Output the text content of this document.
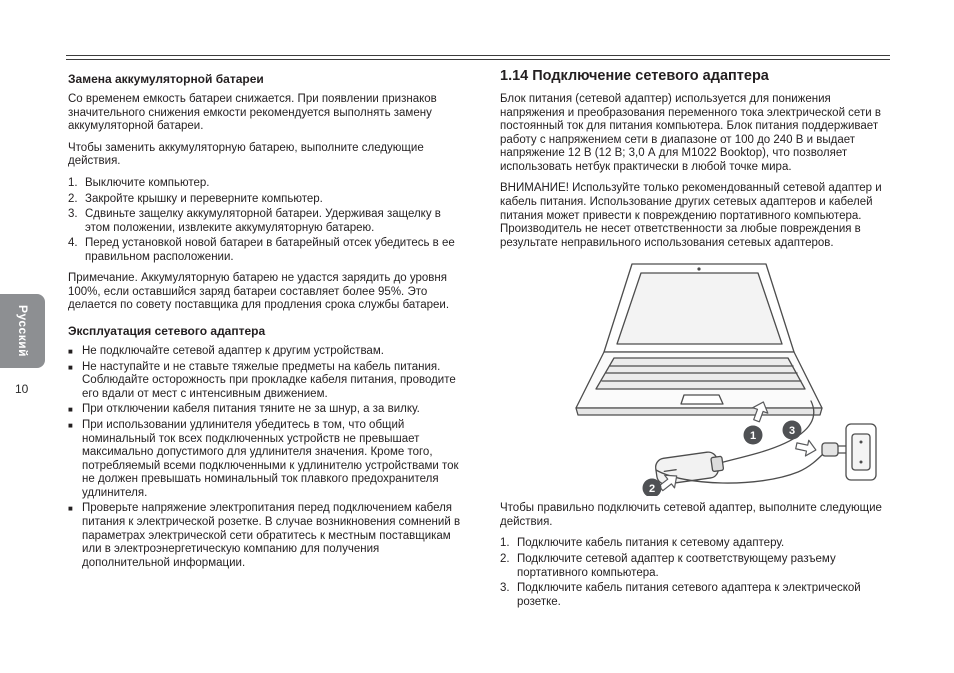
Русский
10
Замена аккумуляторной батареи

Со временем емкость батареи снижается. При появлении признаков значительного снижения емкости рекомендуется выполнять замену аккумуляторной батареи.

Чтобы заменить аккумуляторную батарею, выполните следующие действия.

1. Выключите компьютер.
2. Закройте крышку и переверните компьютер.
3. Сдвиньте защелку аккумуляторной батареи. Удерживая защелку в этом положении, извлеките аккумуляторную батарею.
4. Перед установкой новой батареи в батарейный отсек убедитесь в ее правильном расположении.

Примечание. Аккумуляторную батарею не удастся зарядить до уровня 100%, если оставшийся заряд батареи составляет более 95%. Это делается по совету поставщика для продления срока службы батареи.

Эксплуатация сетевого адаптера
■ Не подключайте сетевой адаптер к другим устройствам.
■ Не наступайте и не ставьте тяжелые предметы на кабель питания. Соблюдайте осторожность при прокладке кабеля питания, проводите его вдали от мест с интенсивным движением.
■ При отключении кабеля питания тяните не за шнур, а за вилку.
■ При использовании удлинителя убедитесь в том, что общий номинальный ток всех подключенных устройств не превышает максимально допустимого для удлинителя значения. Кроме того, потребляемый всеми подключенными к удлинителю устройствами ток не должен превышать номинальный ток плавкого предохранителя удлинителя.
■ Проверьте напряжение электропитания перед подключением кабеля питания к электрической розетке. В случае возникновения сомнений в параметрах электрической сети обратитесь к местным поставщикам или в электроэнергетическую компанию для получения дополнительной информации.
1.14 Подключение сетевого адаптера

Блок питания (сетевой адаптер) используется для понижения напряжения и преобразования переменного тока электрической сети в постоянный ток для питания компьютера. Блок питания поддерживает работу с напряжением сети в диапазоне от 100 до 240 В и выдает напряжение 12 В (12 В; 3,0 А для M1022 Booktop), что позволяет использовать нетбук практически в любой точке мира.

ВНИМАНИЕ! Используйте только рекомендованный сетевой адаптер и кабель питания. Использование других сетевых адаптеров и кабелей питания может привести к повреждению портативного компьютера. Производитель не несет ответственности за любые повреждения в результате неправильного использования сетевых адаптеров.

1
2
3

Чтобы правильно подключить сетевой адаптер, выполните следующие действия.

1. Подключите кабель питания к сетевому адаптеру.
2. Подключите сетевой адаптер к соответствующему разъему портативного компьютера.
3. Подключите кабель питания сетевого адаптера к электрической розетке.
